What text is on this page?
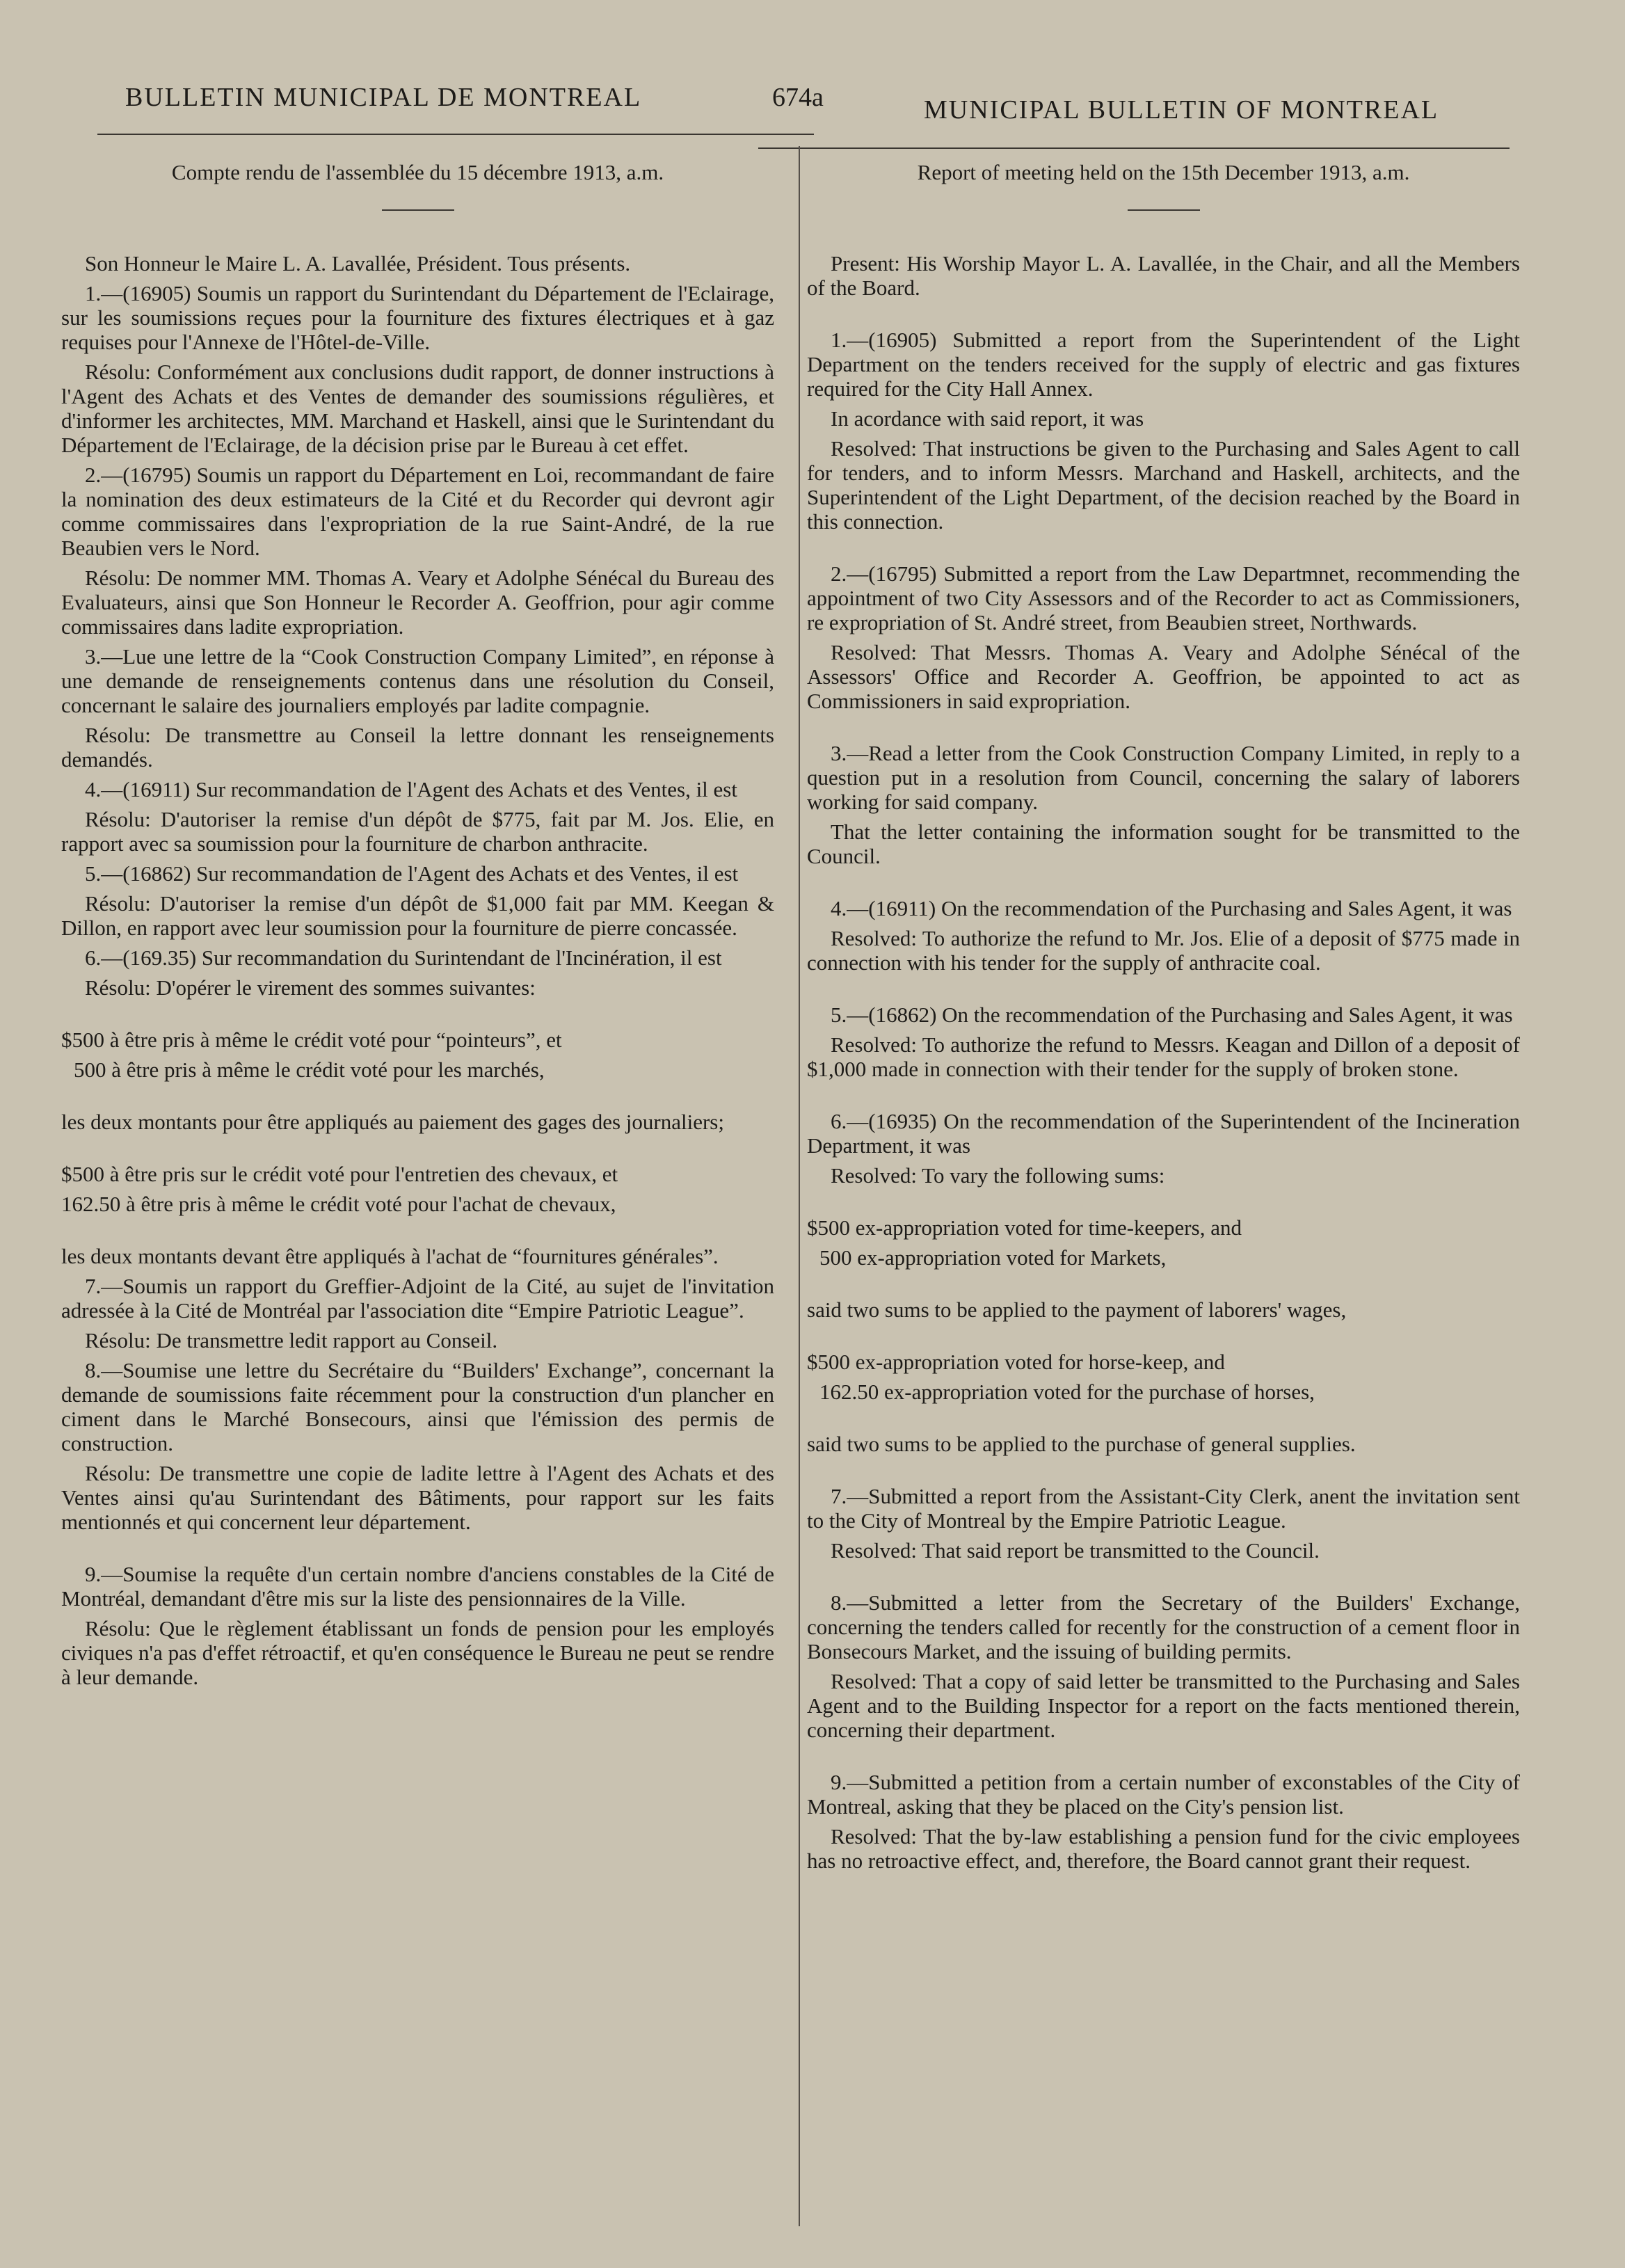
BULLETIN MUNICIPAL DE MONTREAL	674a	MUNICIPAL BULLETIN OF MONTREAL
Compte rendu de l'assemblée du 15 décembre 1913, a.m.

Son Honneur le Maire L. A. Lavallée, Président. Tous présents.

1.—(16905) Soumis un rapport du Surintendant du Département de l'Eclairage, sur les soumissions reçues pour la fourniture des fixtures électriques et à gaz requises pour l'Annexe de l'Hôtel-de-Ville.

Résolu: Conformément aux conclusions dudit rapport, de donner instructions à l'Agent des Achats et des Ventes de demander des soumissions régulières, et d'informer les architectes, MM. Marchand et Haskell, ainsi que le Surintendant du Département de l'Eclairage, de la décision prise par le Bureau à cet effet.

2.—(16795) Soumis un rapport du Département en Loi, recommandant de faire la nomination des deux estimateurs de la Cité et du Recorder qui devront agir comme commissaires dans l'expropriation de la rue Saint-André, de la rue Beaubien vers le Nord.

Résolu: De nommer MM. Thomas A. Veary et Adolphe Sénécal du Bureau des Evaluateurs, ainsi que Son Honneur le Recorder A. Geoffrion, pour agir comme commissaires dans ladite expropriation.

3.—Lue une lettre de la “Cook Construction Company Limited”, en réponse à une demande de renseignements contenus dans une résolution du Conseil, concernant le salaire des journaliers employés par ladite compagnie.

Résolu: De transmettre au Conseil la lettre donnant les renseignements demandés.

4.—(16911) Sur recommandation de l'Agent des Achats et des Ventes, il est

Résolu: D'autoriser la remise d'un dépôt de $775, fait par M. Jos. Elie, en rapport avec sa soumission pour la fourniture de charbon anthracite.

5.—(16862) Sur recommandation de l'Agent des Achats et des Ventes, il est

Résolu: D'autoriser la remise d'un dépôt de $1,000 fait par MM. Keegan & Dillon, en rapport avec leur soumission pour la fourniture de pierre concassée.

6.—(169.35) Sur recommandation du Surintendant de l'Incinération, il est

Résolu: D'opérer le virement des sommes suivantes:

$500 à être pris à même le crédit voté pour “pointeurs”, et

500 à être pris à même le crédit voté pour les marchés,

les deux montants pour être appliqués au paiement des gages des journaliers;

$500 à être pris sur le crédit voté pour l'entretien des chevaux, et

162.50 à être pris à même le crédit voté pour l'achat de chevaux,

les deux montants devant être appliqués à l'achat de “fournitures générales”.

7.—Soumis un rapport du Greffier-Adjoint de la Cité, au sujet de l'invitation adressée à la Cité de Montréal par l'association dite “Empire Patriotic League”.

Résolu: De transmettre ledit rapport au Conseil.

8.—Soumise une lettre du Secrétaire du “Builders' Exchange”, concernant la demande de soumissions faite récemment pour la construction d'un plancher en ciment dans le Marché Bonsecours, ainsi que l'émission des permis de construction.

Résolu: De transmettre une copie de ladite lettre à l'Agent des Achats et des Ventes ainsi qu'au Surintendant des Bâtiments, pour rapport sur les faits mentionnés et qui concernent leur département.

9.—Soumise la requête d'un certain nombre d'anciens constables de la Cité de Montréal, demandant d'être mis sur la liste des pensionnaires de la Ville.

Résolu: Que le règlement établissant un fonds de pension pour les employés civiques n'a pas d'effet rétroactif, et qu'en conséquence le Bureau ne peut se rendre à leur demande.

Report of meeting held on the 15th December 1913, a.m.

Present: His Worship Mayor L. A. Lavallée, in the Chair, and all the Members of the Board.

1.—(16905) Submitted a report from the Superintendent of the Light Department on the tenders received for the supply of electric and gas fixtures required for the City Hall Annex.

In acordance with said report, it was

Resolved: That instructions be given to the Purchasing and Sales Agent to call for tenders, and to inform Messrs. Marchand and Haskell, architects, and the Superintendent of the Light Department, of the decision reached by the Board in this connection.

2.—(16795) Submitted a report from the Law Departmnet, recommending the appointment of two City Assessors and of the Recorder to act as Commissioners, re expropriation of St. André street, from Beaubien street, Northwards.

Resolved: That Messrs. Thomas A. Veary and Adolphe Sénécal of the Assessors' Office and Recorder A. Geoffrion, be appointed to act as Commissioners in said expropriation.

3.—Read a letter from the Cook Construction Company Limited, in reply to a question put in a resolution from Council, concerning the salary of laborers working for said company.

That the letter containing the information sought for be transmitted to the Council.

4.—(16911) On the recommendation of the Purchasing and Sales Agent, it was

Resolved: To authorize the refund to Mr. Jos. Elie of a deposit of $775 made in connection with his tender for the supply of anthracite coal.

5.—(16862) On the recommendation of the Purchasing and Sales Agent, it was

Resolved: To authorize the refund to Messrs. Keagan and Dillon of a deposit of $1,000 made in connection with their tender for the supply of broken stone.

6.—(16935) On the recommendation of the Superintendent of the Incineration Department, it was

Resolved: To vary the following sums:

$500 ex-appropriation voted for time-keepers, and

500 ex-appropriation voted for Markets,

said two sums to be applied to the payment of laborers' wages,

$500 ex-appropriation voted for horse-keep, and

162.50 ex-appropriation voted for the purchase of horses,

said two sums to be applied to the purchase of general supplies.

7.—Submitted a report from the Assistant-City Clerk, anent the invitation sent to the City of Montreal by the Empire Patriotic League.

Resolved: That said report be transmitted to the Council.

8.—Submitted a letter from the Secretary of the Builders' Exchange, concerning the tenders called for recently for the construction of a cement floor in Bonsecours Market, and the issuing of building permits.

Resolved: That a copy of said letter be transmitted to the Purchasing and Sales Agent and to the Building Inspector for a report on the facts mentioned therein, concerning their department.

9.—Submitted a petition from a certain number of exconstables of the City of Montreal, asking that they be placed on the City's pension list.

Resolved: That the by-law establishing a pension fund for the civic employees has no retroactive effect, and, therefore, the Board cannot grant their request.
